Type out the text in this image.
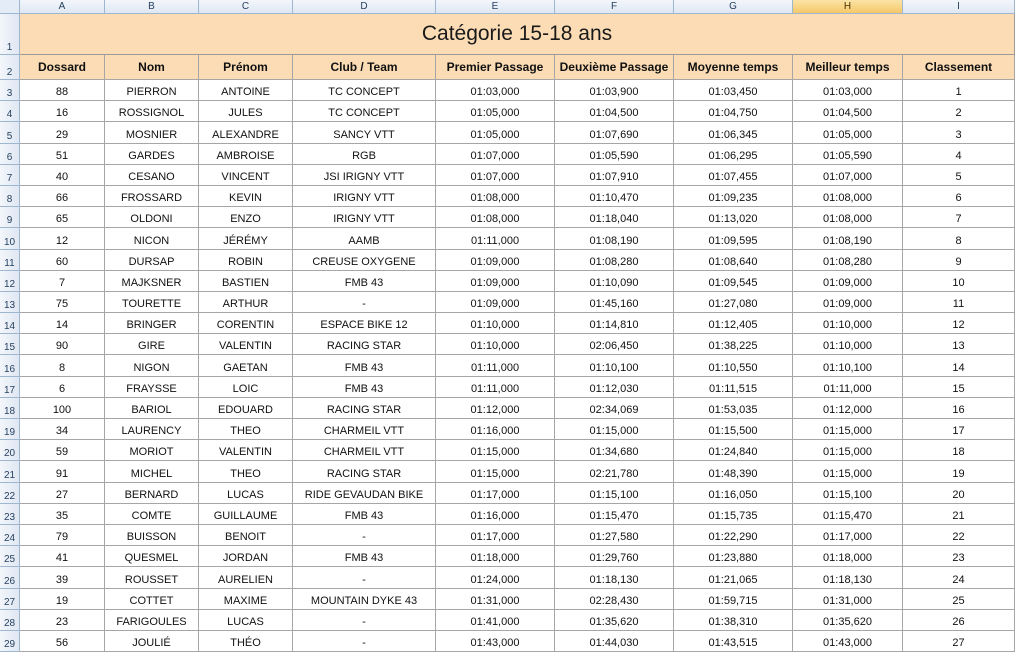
A	B	C	D	E	F	G	H	I
1
2
3
4
5
6
7
8
9
10
11
12
13
14
15
16
17
18
19
20
21
22
23
24
25
26
27
28
29
Catégorie 15-18 ans
Dossard	Nom	Prénom	Club / Team	Premier Passage	Deuxième Passage	Moyenne temps	Meilleur temps	Classement
88	PIERRON	ANTOINE	TC CONCEPT	01:03,000	01:03,900	01:03,450	01:03,000	1
16	ROSSIGNOL	JULES	TC CONCEPT	01:05,000	01:04,500	01:04,750	01:04,500	2
29	MOSNIER	ALEXANDRE	SANCY VTT	01:05,000	01:07,690	01:06,345	01:05,000	3
51	GARDES	AMBROISE	RGB	01:07,000	01:05,590	01:06,295	01:05,590	4
40	CESANO	VINCENT	JSI IRIGNY VTT	01:07,000	01:07,910	01:07,455	01:07,000	5
66	FROSSARD	KEVIN	IRIGNY VTT	01:08,000	01:10,470	01:09,235	01:08,000	6
65	OLDONI	ENZO	IRIGNY VTT	01:08,000	01:18,040	01:13,020	01:08,000	7
12	NICON	JÉRÉMY	AAMB	01:11,000	01:08,190	01:09,595	01:08,190	8
60	DURSAP	ROBIN	CREUSE OXYGENE	01:09,000	01:08,280	01:08,640	01:08,280	9
7	MAJKSNER	BASTIEN	FMB 43	01:09,000	01:10,090	01:09,545	01:09,000	10
75	TOURETTE	ARTHUR	-	01:09,000	01:45,160	01:27,080	01:09,000	11
14	BRINGER	CORENTIN	ESPACE BIKE 12	01:10,000	01:14,810	01:12,405	01:10,000	12
90	GIRE	VALENTIN	RACING STAR	01:10,000	02:06,450	01:38,225	01:10,000	13
8	NIGON	GAETAN	FMB 43	01:11,000	01:10,100	01:10,550	01:10,100	14
6	FRAYSSE	LOIC	FMB 43	01:11,000	01:12,030	01:11,515	01:11,000	15
100	BARIOL	EDOUARD	RACING STAR	01:12,000	02:34,069	01:53,035	01:12,000	16
34	LAURENCY	THEO	CHARMEIL VTT	01:16,000	01:15,000	01:15,500	01:15,000	17
59	MORIOT	VALENTIN	CHARMEIL VTT	01:15,000	01:34,680	01:24,840	01:15,000	18
91	MICHEL	THEO	RACING STAR	01:15,000	02:21,780	01:48,390	01:15,000	19
27	BERNARD	LUCAS	RIDE GEVAUDAN BIKE	01:17,000	01:15,100	01:16,050	01:15,100	20
35	COMTE	GUILLAUME	FMB 43	01:16,000	01:15,470	01:15,735	01:15,470	21
79	BUISSON	BENOIT	-	01:17,000	01:27,580	01:22,290	01:17,000	22
41	QUESMEL	JORDAN	FMB 43	01:18,000	01:29,760	01:23,880	01:18,000	23
39	ROUSSET	AURELIEN	-	01:24,000	01:18,130	01:21,065	01:18,130	24
19	COTTET	MAXIME	MOUNTAIN DYKE 43	01:31,000	02:28,430	01:59,715	01:31,000	25
23	FARIGOULES	LUCAS	-	01:41,000	01:35,620	01:38,310	01:35,620	26
56	JOULIÉ	THÉO	-	01:43,000	01:44,030	01:43,515	01:43,000	27
